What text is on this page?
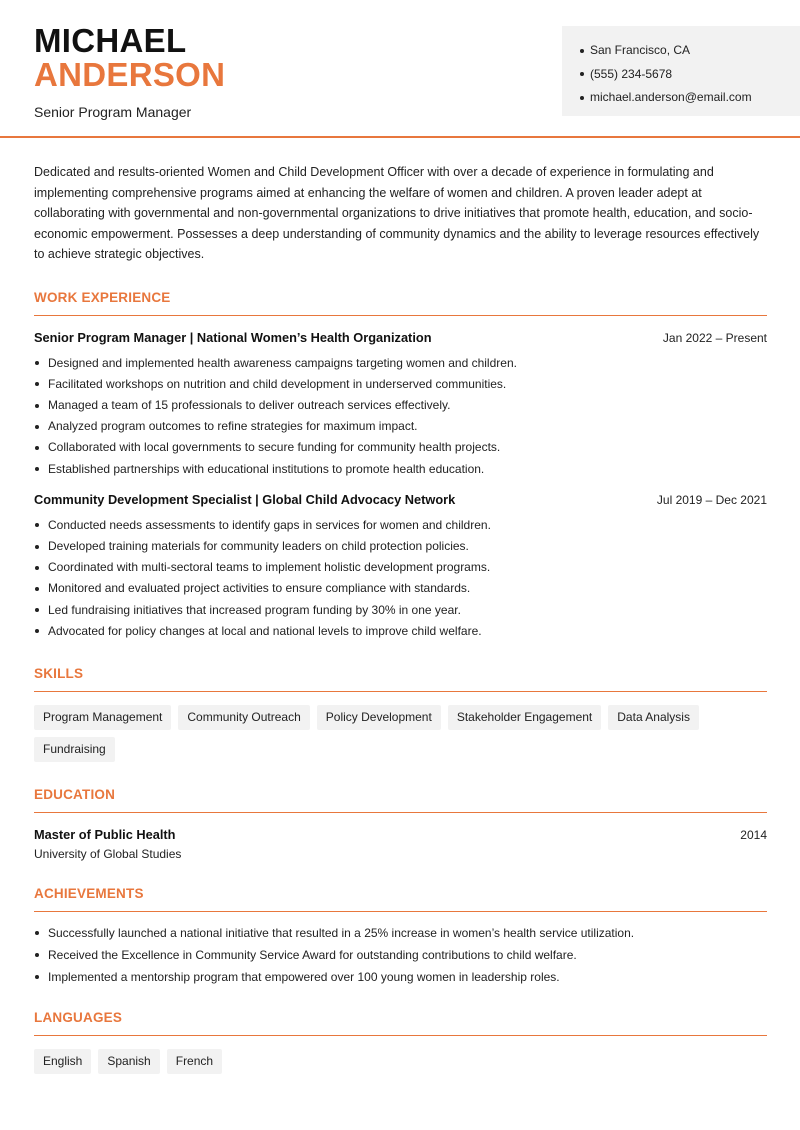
MICHAEL
ANDERSON
Senior Program Manager
San Francisco, CA
(555) 234-5678
michael.anderson@email.com

Dedicated and results-oriented Women and Child Development Officer with over a decade of experience in formulating and implementing comprehensive programs aimed at enhancing the welfare of women and children. A proven leader adept at collaborating with governmental and non-governmental organizations to drive initiatives that promote health, education, and socio-economic empowerment. Possesses a deep understanding of community dynamics and the ability to leverage resources effectively to achieve strategic objectives.

WORK EXPERIENCE
Senior Program Manager | National Women’s Health Organization	Jan 2022 – Present
Designed and implemented health awareness campaigns targeting women and children.
Facilitated workshops on nutrition and child development in underserved communities.
Managed a team of 15 professionals to deliver outreach services effectively.
Analyzed program outcomes to refine strategies for maximum impact.
Collaborated with local governments to secure funding for community health projects.
Established partnerships with educational institutions to promote health education.
Community Development Specialist | Global Child Advocacy Network	Jul 2019 – Dec 2021
Conducted needs assessments to identify gaps in services for women and children.
Developed training materials for community leaders on child protection policies.
Coordinated with multi-sectoral teams to implement holistic development programs.
Monitored and evaluated project activities to ensure compliance with standards.
Led fundraising initiatives that increased program funding by 30% in one year.
Advocated for policy changes at local and national levels to improve child welfare.
SKILLS
Program Management	Community Outreach	Policy Development	Stakeholder Engagement	Data Analysis
Fundraising
EDUCATION
Master of Public Health	2014
University of Global Studies
ACHIEVEMENTS
Successfully launched a national initiative that resulted in a 25% increase in women’s health service utilization.
Received the Excellence in Community Service Award for outstanding contributions to child welfare.
Implemented a mentorship program that empowered over 100 young women in leadership roles.
LANGUAGES
English	Spanish	French
